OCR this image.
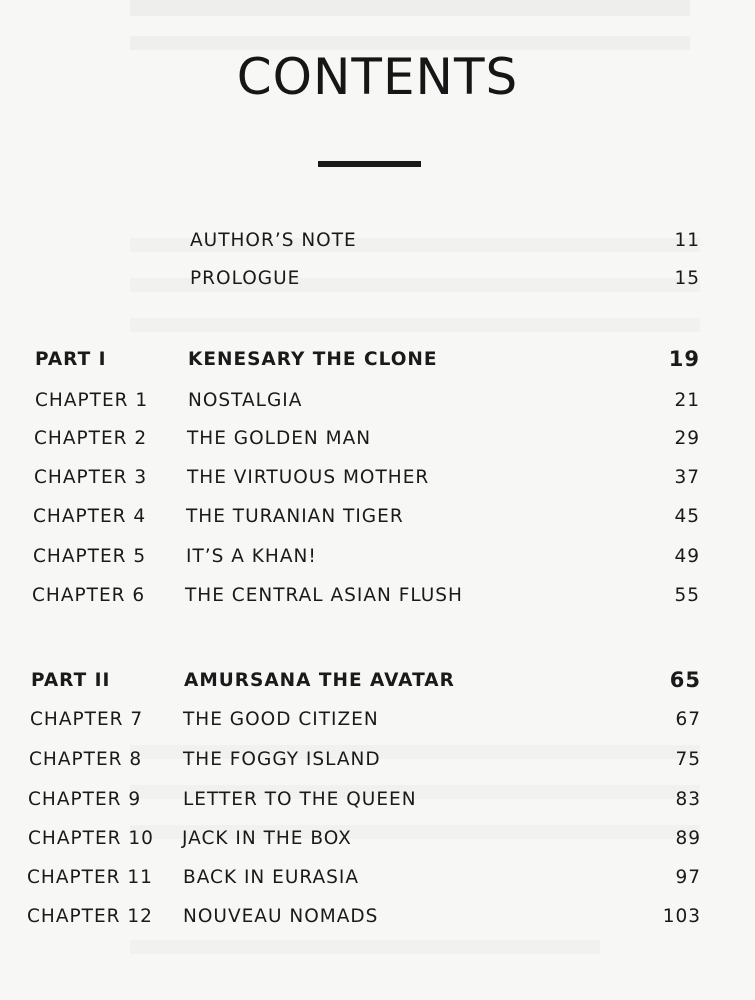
CONTENTS
AUTHOR’S NOTE	11
PROLOGUE	15
PART I	KENESARY THE CLONE	19
CHAPTER 1 NOSTALGIA	21
CHAPTER 2 THE GOLDEN MAN	29
CHAPTER 3 THE VIRTUOUS MOTHER	37
CHAPTER 4 THE TURANIAN TIGER	45
CHAPTER 5 IT’S A KHAN!	49
CHAPTER 6 THE CENTRAL ASIAN FLUSH	55
PART II	AMURSANA THE AVATAR	65
CHAPTER 7 THE GOOD CITIZEN	67
CHAPTER 8 THE FOGGY ISLAND	75
CHAPTER 9 LETTER TO THE QUEEN	83
CHAPTER 10 JACK IN THE BOX	89
CHAPTER 11 BACK IN EURASIA	97
CHAPTER 12 NOUVEAU NOMADS	103
